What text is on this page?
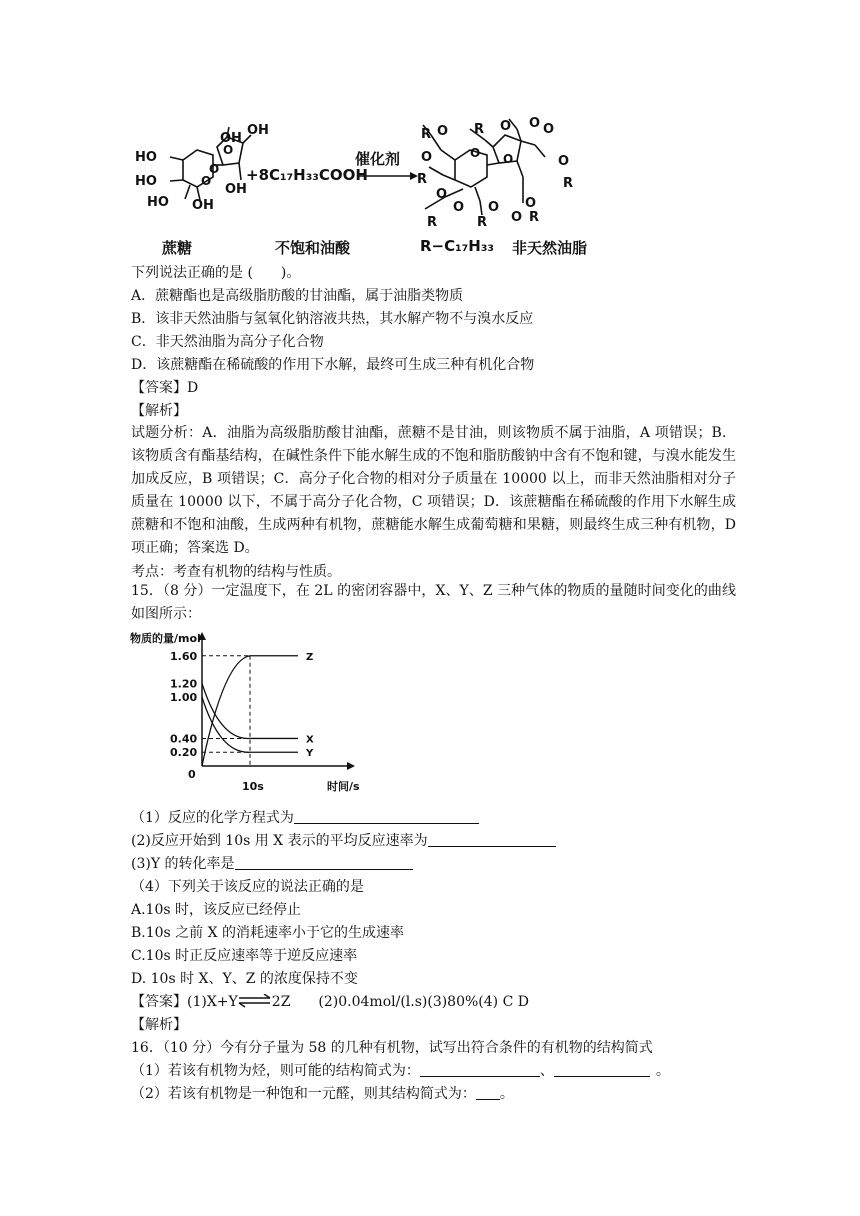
HO
HO
HO OH
OH
OH
OH
O
O
O
R O R O O O
O	O
R	R
O
O
O R
R	R
O
O
O O
催化剂
+8C₁₇H₃₃COOH
蔗糖	不饱和油酸	R−C₁₇H₃₃ 非天然油脂
下列说法正确的是 (　　)。
A．蔗糖酯也是高级脂肪酸的甘油酯，属于油脂类物质
B．该非天然油脂与氢氧化钠溶液共热，其水解产物不与溴水反应
C．非天然油脂为高分子化合物
D．该蔗糖酯在稀硫酸的作用下水解，最终可生成三种有机化合物
【答案】D
【解析】
试题分析：A．油脂为高级脂肪酸甘油酯，蔗糖不是甘油，则该物质不属于油脂，A 项错误；B．该物质含有酯基结构，在碱性条件下能水解生成的不饱和脂肪酸钠中含有不饱和键，与溴水能发生加成反应，B 项错误；C．高分子化合物的相对分子质量在 10000 以上，而非天然油脂相对分子质量在 10000 以下，不属于高分子化合物，C 项错误；D．该蔗糖酯在稀硫酸的作用下水解生成蔗糖和不饱和油酸，生成两种有机物，蔗糖能水解生成葡萄糖和果糖，则最终生成三种有机物，D 项正确；答案选 D。
考点：考查有机物的结构与性质。
15．（8 分）一定温度下，在 2L 的密闭容器中，X、Y、Z 三种气体的物质的量随时间变化的曲线如图所示：
物质的量/mol
时间/s
10s
1.60
1.20
1.00
0.40
0.20
0
Z
X
Y
（1）反应的化学方程式为
(2)反应开始到 10s 用 X 表示的平均反应速率为
(3)Y 的转化率是
（4）下列关于该反应的说法正确的是
A.10s 时，该反应已经停止
B.10s 之前 X 的消耗速率小于它的生成速率
C.10s 时正反应速率等于逆反应速率
D. 10s 时 X、Y、Z 的浓度保持不变
【答案】(1)X+Y⇌2Z　　(2)0.04mol/(l.s)(3)80%(4) C D
【解析】
16．（10 分）今有分子量为 58 的几种有机物，试写出符合条件的有机物的结构简式
（1）若该有机物为烃，则可能的结构简式为：	、	。
（2）若该有机物是一种饱和一元醛，则其结构简式为： 。
